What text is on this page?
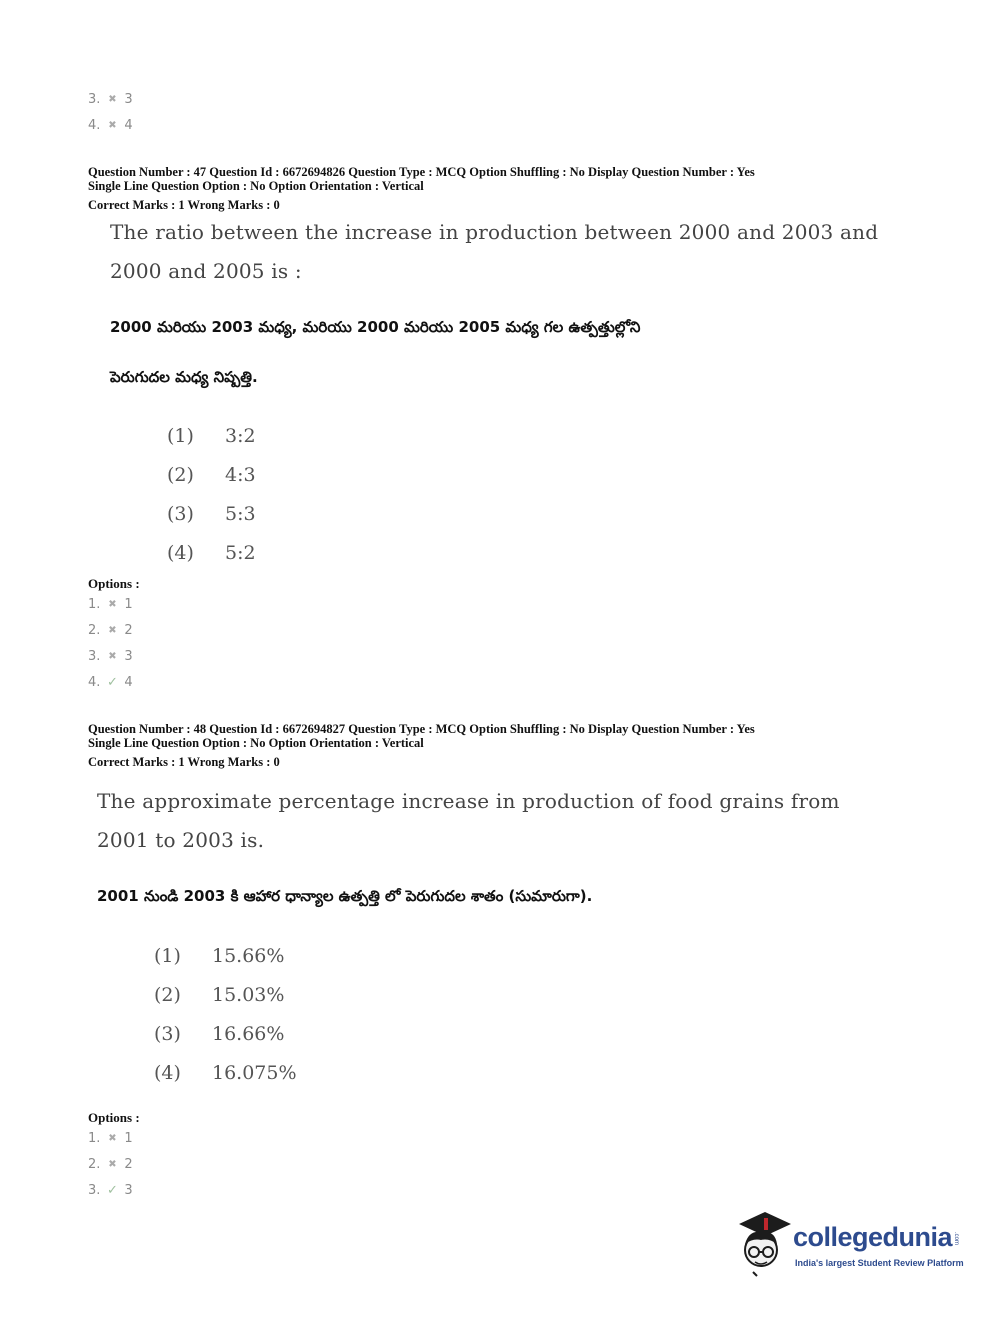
3. ✖ 3
4. ✖ 4
Question Number : 47 Question Id : 6672694826 Question Type : MCQ Option Shuffling : No Display Question Number : Yes
Single Line Question Option : No Option Orientation : Vertical
Correct Marks : 1 Wrong Marks : 0
The ratio between the increase in production between 2000 and 2003 and
2000 and 2005 is :
2000 మరియు 2003 మధ్య, మరియు 2000 మరియు 2005 మధ్య గల ఉత్పత్తుల్లోని
పెరుగుదల మధ్య నిష్పత్తి.
(1) 3:2
(2) 4:3
(3) 5:3
(4) 5:2
Options :
1. ✖ 1
2. ✖ 2
3. ✖ 3
4. ✓ 4
Question Number : 48 Question Id : 6672694827 Question Type : MCQ Option Shuffling : No Display Question Number : Yes
Single Line Question Option : No Option Orientation : Vertical
Correct Marks : 1 Wrong Marks : 0
The approximate percentage increase in production of food grains from
2001 to 2003 is.
2001 నుండి 2003 కి ఆహార ధాన్యాల ఉత్పత్తి లో పెరుగుదల శాతం (సుమారుగా).
(1) 15.66%
(2) 15.03%
(3) 16.66%
(4) 16.075%
Options :
1. ✖ 1
2. ✖ 2
3. ✓ 3
collegedunia .com
India's largest Student Review Platform
